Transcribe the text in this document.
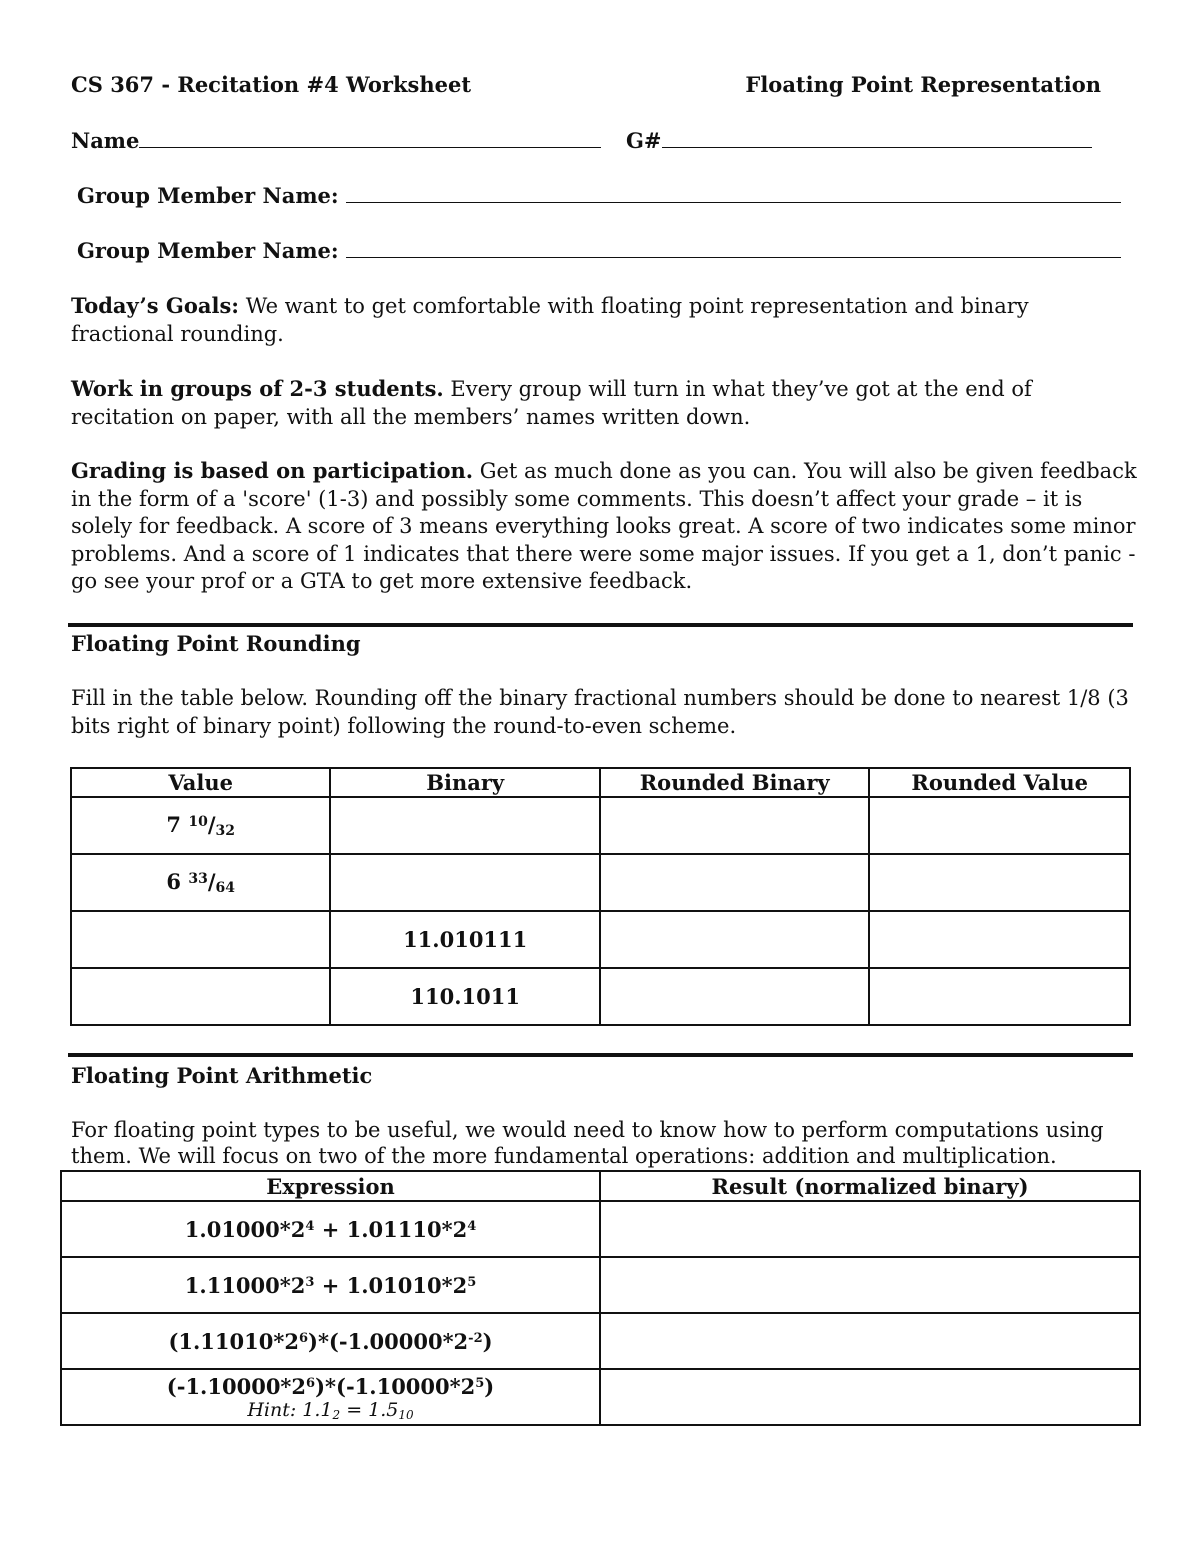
CS 367 - Recitation #4 Worksheet	Floating Point Representation
Name	G#
Group Member Name:
Group Member Name:
Today’s Goals: We want to get comfortable with floating point representation and binary fractional rounding.
Work in groups of 2-3 students. Every group will turn in what they’ve got at the end of recitation on paper, with all the members’ names written down.
Grading is based on participation. Get as much done as you can. You will also be given feedback in the form of a 'score' (1-3) and possibly some comments. This doesn’t affect your grade – it is solely for feedback. A score of 3 means everything looks great. A score of two indicates some minor problems. And a score of 1 indicates that there were some major issues. If you get a 1, don’t panic - go see your prof or a GTA to get more extensive feedback.
Floating Point Rounding
Fill in the table below. Rounding off the binary fractional numbers should be done to nearest 1/8 (3 bits right of binary point) following the round-to-even scheme.
Value	Binary	Rounded Binary	Rounded Value
7 $^{10}$/32			
6 $^{33}$/64			
	11.010111		
	110.1011		
Floating Point Arithmetic
For floating point types to be useful, we would need to know how to perform computations using them. We will focus on two of the more fundamental operations: addition and multiplication.
Expression	Result (normalized binary)
$1.01000*2^4 + 1.01110*2^4$	
$1.11000*2^3 + 1.01010*2^5$	
$(1.11010*2^6)*(-1.00000*2^{-2})$	
$(-1.10000*2^6)*(-1.10000*2^5)$
Hint: $1.1_2 = 1.5_{10}$
